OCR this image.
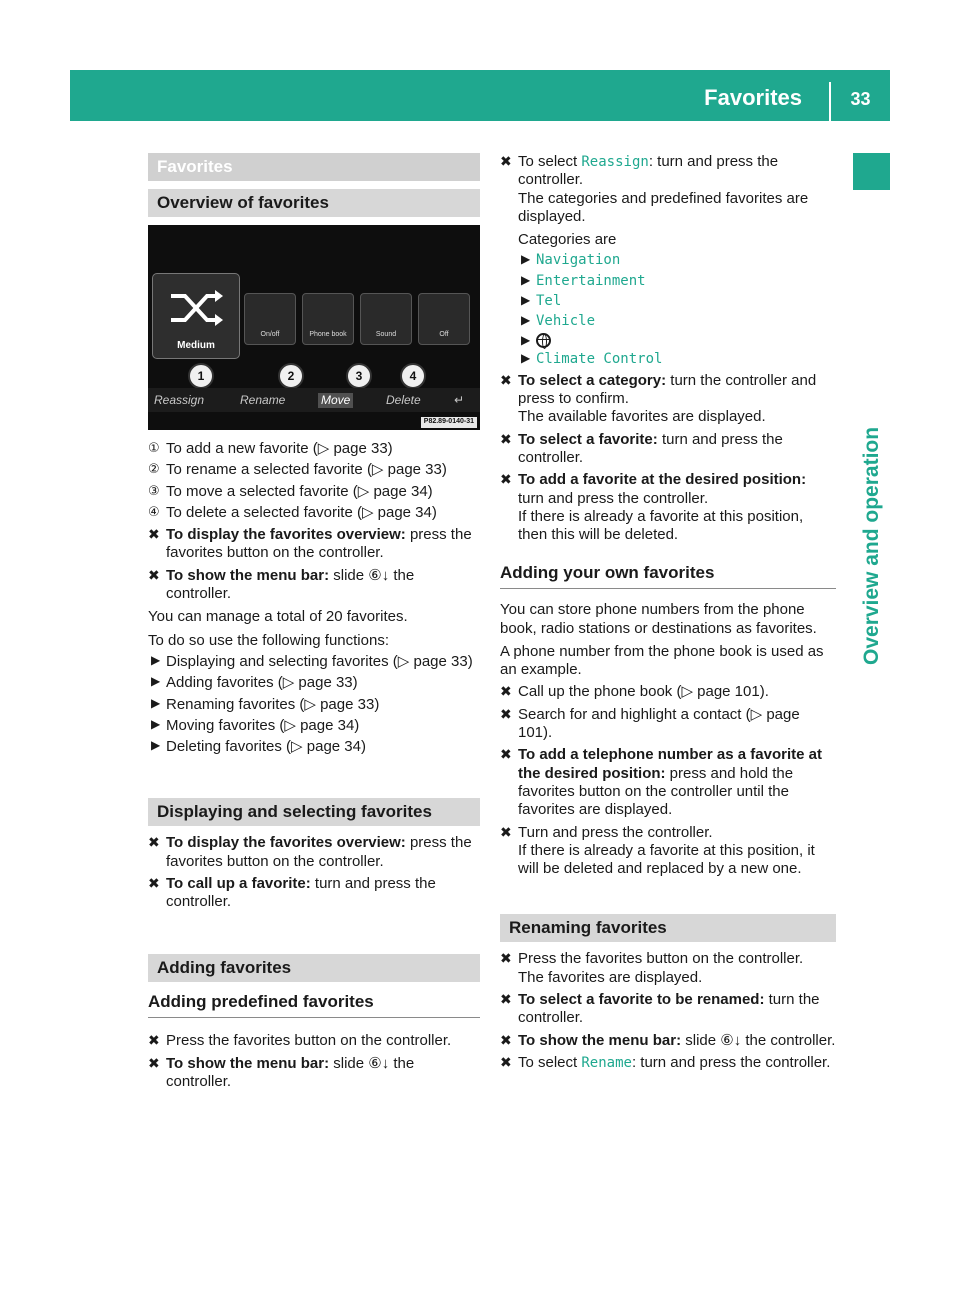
Favorites	33
Overview and operation
Favorites
Overview of favorites
Medium
On/off	Phone book	Sound	Off
1	2	3	4
Reassign	Rename	Move	Delete	↵
P82.89-0140-31
① To add a new favorite (▷ page 33)
② To rename a selected favorite (▷ page 33)
③ To move a selected favorite (▷ page 34)
④ To delete a selected favorite (▷ page 34)
✖ To display the favorites overview: press the favorites button on the controller.
✖ To show the menu bar: slide ⑥↓ the controller.
You can manage a total of 20 favorites.
To do so use the following functions:
▶ Displaying and selecting favorites (▷ page 33)
▶ Adding favorites (▷ page 33)
▶ Renaming favorites (▷ page 33)
▶ Moving favorites (▷ page 34)
▶ Deleting favorites (▷ page 34)
Displaying and selecting favorites
✖ To display the favorites overview: press the favorites button on the controller.
✖ To call up a favorite: turn and press the controller.
Adding favorites
Adding predefined favorites
✖ Press the favorites button on the controller.
✖ To show the menu bar: slide ⑥↓ the controller.
✖ To select Reassign: turn and press the controller.
The categories and predefined favorites are displayed.
Categories are
▶ Navigation
▶ Entertainment
▶ Tel
▶ Vehicle
▶
▶ Climate Control
✖ To select a category: turn the controller and press to confirm.
The available favorites are displayed.
✖ To select a favorite: turn and press the controller.
✖ To add a favorite at the desired position: turn and press the controller.
If there is already a favorite at this position, then this will be deleted.
Adding your own favorites
You can store phone numbers from the phone book, radio stations or destinations as favorites.
A phone number from the phone book is used as an example.
✖ Call up the phone book (▷ page 101).
✖ Search for and highlight a contact (▷ page 101).
✖ To add a telephone number as a favorite at the desired position: press and hold the favorites button on the controller until the favorites are displayed.
✖ Turn and press the controller.
If there is already a favorite at this position, it will be deleted and replaced by a new one.
Renaming favorites
✖ Press the favorites button on the controller.
The favorites are displayed.
✖ To select a favorite to be renamed: turn the controller.
✖ To show the menu bar: slide ⑥↓ the controller.
✖ To select Rename: turn and press the controller.
